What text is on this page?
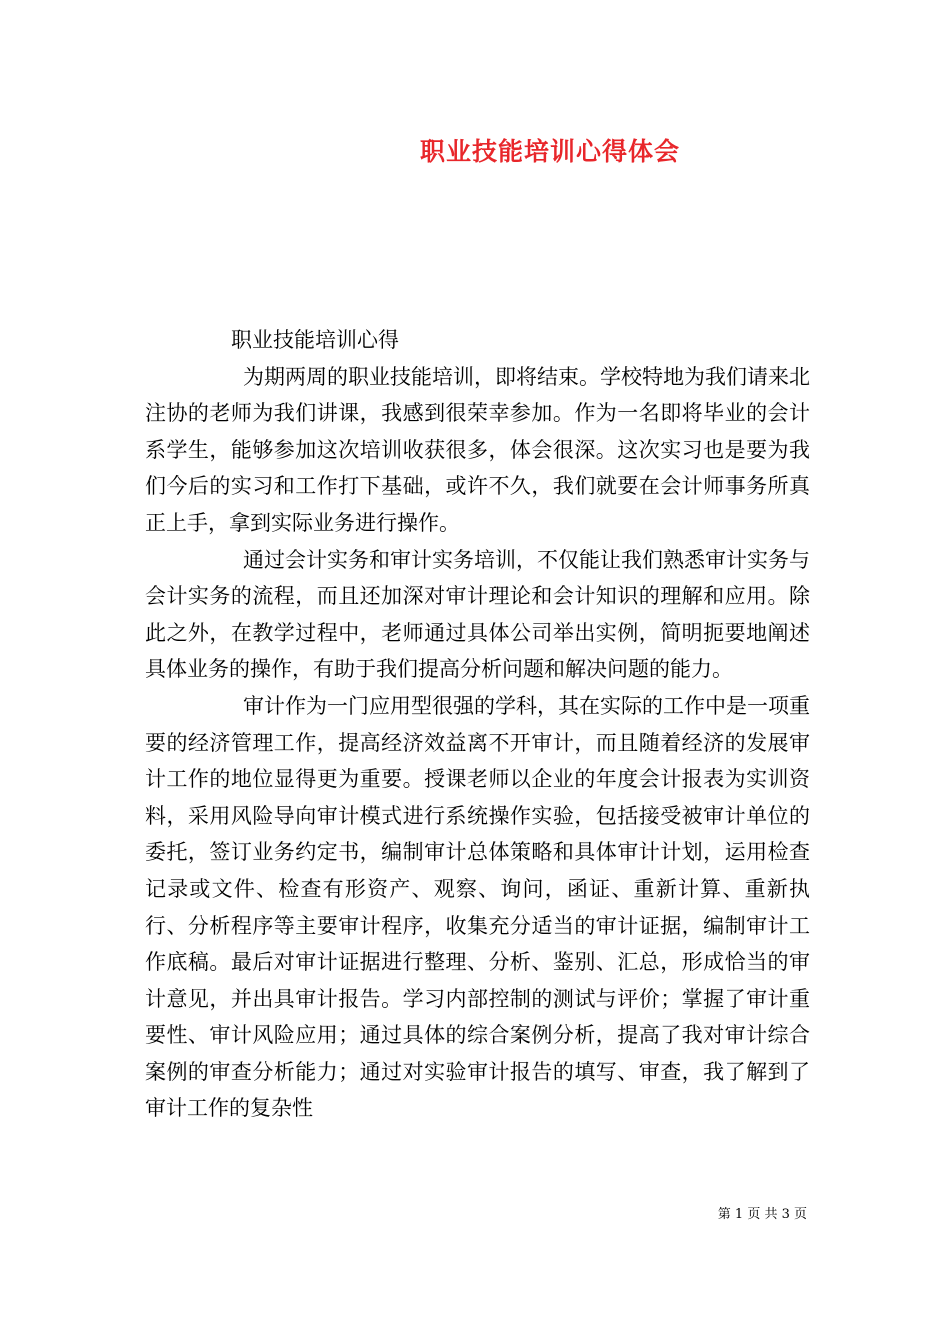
职业技能培训心得体会

职业技能培训心得

为期两周的职业技能培训，即将结束。学校特地为我们请来北注协的老师为我们讲课，我感到很荣幸参加。作为一名即将毕业的会计系学生，能够参加这次培训收获很多，体会很深。这次实习也是要为我们今后的实习和工作打下基础，或许不久，我们就要在会计师事务所真正上手，拿到实际业务进行操作。

通过会计实务和审计实务培训，不仅能让我们熟悉审计实务与会计实务的流程，而且还加深对审计理论和会计知识的理解和应用。除此之外，在教学过程中，老师通过具体公司举出实例，简明扼要地阐述具体业务的操作，有助于我们提高分析问题和解决问题的能力。

审计作为一门应用型很强的学科，其在实际的工作中是一项重要的经济管理工作，提高经济效益离不开审计，而且随着经济的发展审计工作的地位显得更为重要。授课老师以企业的年度会计报表为实训资料，采用风险导向审计模式进行系统操作实验，包括接受被审计单位的委托，签订业务约定书，编制审计总体策略和具体审计计划，运用检查记录或文件、检查有形资产、观察、询问，函证、重新计算、重新执行、分析程序等主要审计程序，收集充分适当的审计证据，编制审计工作底稿。最后对审计证据进行整理、分析、鉴别、汇总，形成恰当的审计意见，并出具审计报告。学习内部控制的测试与评价；掌握了审计重要性、审计风险应用；通过具体的综合案例分析，提高了我对审计综合案例的审查分析能力；通过对实验审计报告的填写、审查，我了解到了审计工作的复杂性

第 1 页 共 3 页
